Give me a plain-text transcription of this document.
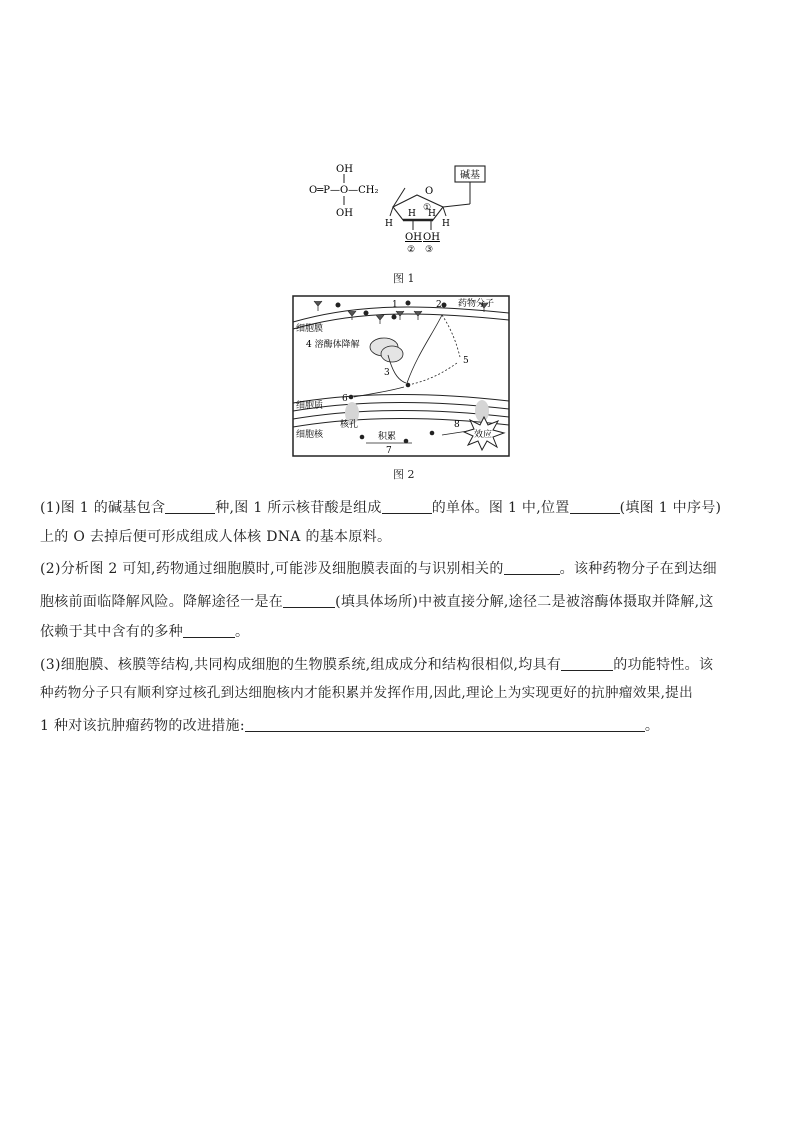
OH
O═P—O—CH₂
OH
O
①
碱基
H	H
H H
OH OH
② ③
图 1
1	2 药物分子
细胞膜
4 溶酶体降解
3
5
6
细胞质
核孔
细胞核	积累
7
8
效应
图 2
(1)图 1 的碱基包含	种,图 1 所示核苷酸是组成	的单体。图 1 中,位置	(填图 1 中序号)
上的 O 去掉后便可形成组成人体核 DNA 的基本原料。
(2)分析图 2 可知,药物通过细胞膜时,可能涉及细胞膜表面的与识别相关的	。该种药物分子在到达细
胞核前面临降解风险。降解途径一是在	(填具体场所)中被直接分解,途径二是被溶酶体摄取并降解,这
依赖于其中含有的多种	。
(3)细胞膜、核膜等结构,共同构成细胞的生物膜系统,组成成分和结构很相似,均具有	的功能特性。该
种药物分子只有顺利穿过核孔到达细胞核内才能积累并发挥作用,因此,理论上为实现更好的抗肿瘤效果,提出
1 种对该抗肿瘤药物的改进措施:	。
